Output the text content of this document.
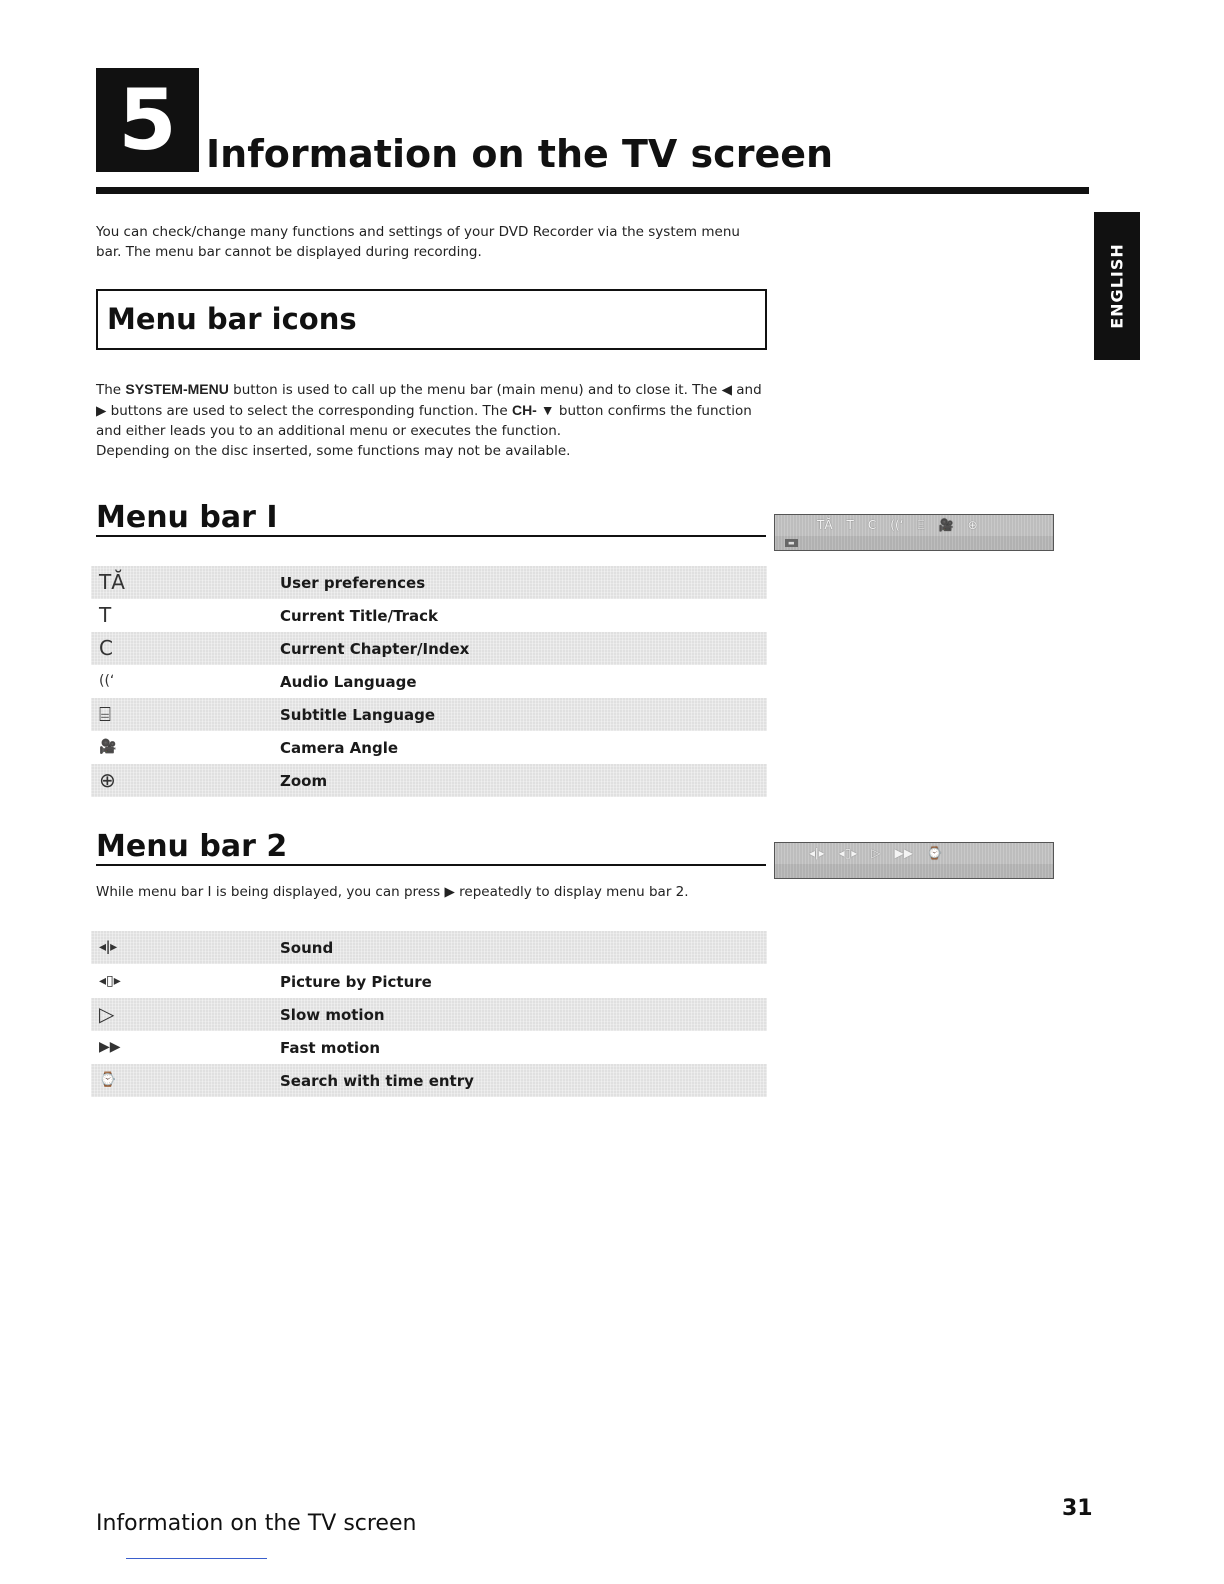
5 Information on the TV screen
ENGLISH

You can check/change many functions and settings of your DVD Recorder via the system menu bar. The menu bar cannot be displayed during recording.

Menu bar icons

The SYSTEM-MENU button is used to call up the menu bar (main menu) and to close it. The ◀ and ▶ buttons are used to select the corresponding function. The CH- ▼ button confirms the function and either leads you to an additional menu or executes the function.
Depending on the disc inserted, some functions may not be available.

Menu bar I	TĂ T C ((ʻ ⌸ 🎥 ⊕
▬
TĂ	User preferences
T	Current Title/Track
C	Current Chapter/Index
((ʻ	Audio Language
⌸	Subtitle Language
🎥	Camera Angle
⊕	Zoom
Menu bar 2	◂ǀ▸ ◂▯▸ ▷ ▶▶ ⌚

While menu bar I is being displayed, you can press ▶ repeatedly to display menu bar 2.

◂ǀ▸	Sound
◂▯▸	Picture by Picture
▷	Slow motion
▶▶	Fast motion
⌚	Search with time entry
Information on the TV screen
31
